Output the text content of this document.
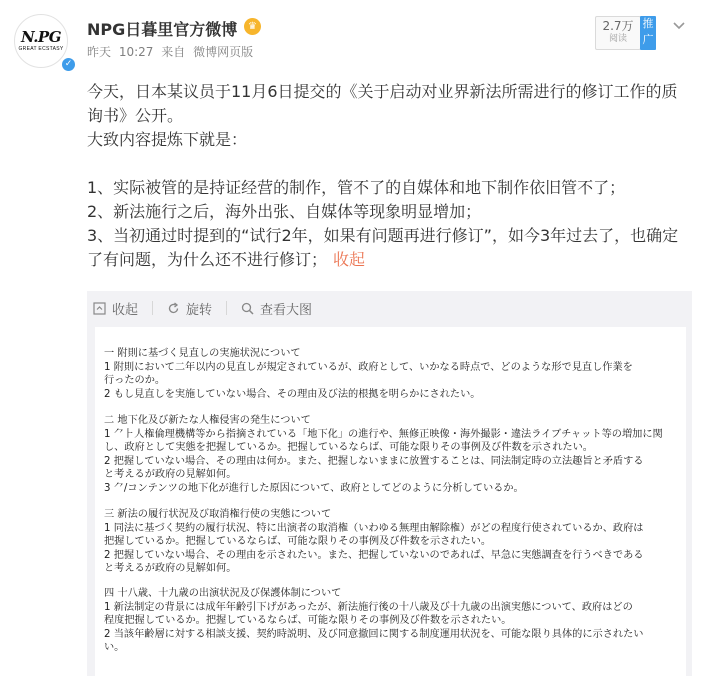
N.PG
GREAT ECSTASY
✓
NPG日暮里官方微博	♛
昨天 10:27 来自 微博网页版
2.7万
阅读
推广

今天，日本某议员于11月6日提交的《关于启动对业界新法所需进行的修订工作的质询书》公开。

大致内容提炼下就是：

1、实际被管的是持证经营的制作，管不了的自媒体和地下制作依旧管不了；

2、新法施行之后，海外出张、自媒体等现象明显增加；

3、当初通过时提到的“试行2年，如果有问题再进行修订”，如今3年过去了，也确定了有问题，为什么还不进行修订； 收起

收起	旋转	查看大图
一 附則に基づく見直しの実施状況について
1 附則において二年以内の見直しが規定されているが、政府として、いかなる時点で、どのような形で見直し作業を
行ったのか。
2 もし見直しを実施していない場合、その理由及び法的根拠を明らかにされたい。
二 地下化及び新たな人権侵害の発生について
1 ⺈⺊人権倫理機構等から指摘されている「地下化」の進行や、無修正映像・海外撮影・違法ライブチャット等の増加に関
し、政府として実態を把握しているか。把握しているならば、可能な限りその事例及び件数を示されたい。
2 把握していない場合、その理由は何か。また、把握しないままに放置することは、同法制定時の立法趣旨と矛盾する
と考えるが政府の見解如何。
3 ⺈/コンテンツの地下化が進行した原因について、政府としてどのように分析しているか。
三 新法の履行状況及び取消権行使の実態について
1 同法に基づく契約の履行状況、特に出演者の取消権（いわゆる無理由解除権）がどの程度行使されているか、政府は
把握しているか。把握しているならば、可能な限りその事例及び件数を示されたい。
2 把握していない場合、その理由を示されたい。また、把握していないのであれば、早急に実態調査を行うべきである
と考えるが政府の見解如何。
四 十八歳、十九歳の出演状況及び保護体制について
1 新法制定の背景には成年年齢引下げがあったが、新法施行後の十八歳及び十九歳の出演実態について、政府はどの
程度把握しているか。把握しているならば、可能な限りその事例及び件数を示されたい。
2 当該年齢層に対する相談支援、契約時説明、及び同意撤回に関する制度運用状況を、可能な限り具体的に示されたい
い。
